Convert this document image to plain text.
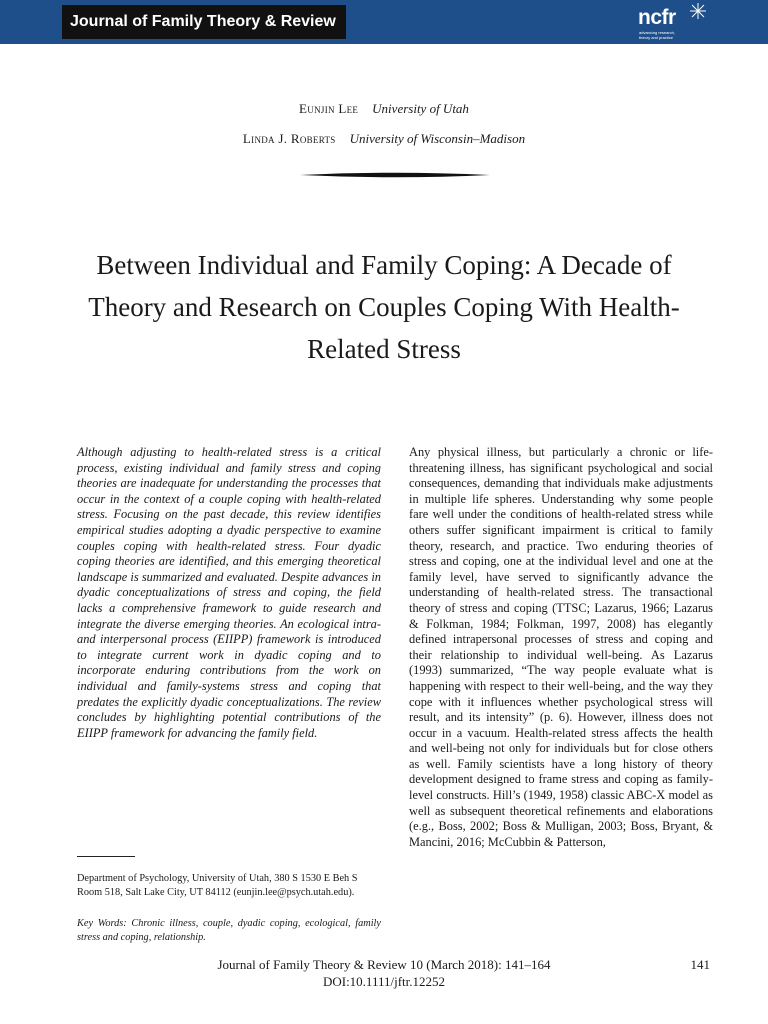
Journal of Family Theory & Review	ncfr
advancing research, theory and practice
Eunjin Lee University of Utah
Linda J. Roberts University of Wisconsin–Madison
Between Individual and Family Coping: A Decade of Theory and Research on Couples Coping With Health-Related Stress

Although adjusting to health-related stress is a critical process, existing individual and family stress and coping theories are inadequate for understanding the processes that occur in the context of a couple coping with health-related stress. Focusing on the past decade, this review identifies empirical studies adopting a dyadic perspective to examine couples coping with health-related stress. Four dyadic coping theories are identified, and this emerging theoretical landscape is summarized and evaluated. Despite advances in dyadic conceptualizations of stress and coping, the field lacks a comprehensive framework to guide research and integrate the diverse emerging theories. An ecological intra- and interpersonal process (EIIPP) framework is introduced to integrate current work in dyadic coping and to incorporate enduring contributions from the work on individual and family-systems stress and coping that predates the explicitly dyadic conceptualizations. The review concludes by highlighting potential contributions of the EIIPP framework for advancing the family field.

Department of Psychology, University of Utah, 380 S 1530 E Beh S Room 518, Salt Lake City, UT 84112 (eunjin.lee@psych.utah.edu).

Key Words: Chronic illness, couple, dyadic coping, ecological, family stress and coping, relationship.

Any physical illness, but particularly a chronic or life-threatening illness, has significant psychological and social consequences, demanding that individuals make adjustments in multiple life spheres. Understanding why some people fare well under the conditions of health-related stress while others suffer significant impairment is critical to family theory, research, and practice. Two enduring theories of stress and coping, one at the individual level and one at the family level, have served to significantly advance the understanding of health-related stress. The transactional theory of stress and coping (TTSC; Lazarus, 1966; Lazarus & Folkman, 1984; Folkman, 1997, 2008) has elegantly defined intrapersonal processes of stress and coping and their relationship to individual well-being. As Lazarus (1993) summarized, “The way people evaluate what is happening with respect to their well-being, and the way they cope with it influences whether psychological stress will result, and its intensity” (p. 6). However, illness does not occur in a vacuum. Health-related stress affects the health and well-being not only for individuals but for close others as well. Family scientists have a long history of theory development designed to frame stress and coping as family-level constructs. Hill’s (1949, 1958) classic ABC-X model as well as subsequent theoretical refinements and elaborations (e.g., Boss, 2002; Boss & Mulligan, 2003; Boss, Bryant, & Mancini, 2016; McCubbin & Patterson,

Journal of Family Theory & Review 10 (March 2018): 141–164
DOI:10.1111/jftr.12252
141
